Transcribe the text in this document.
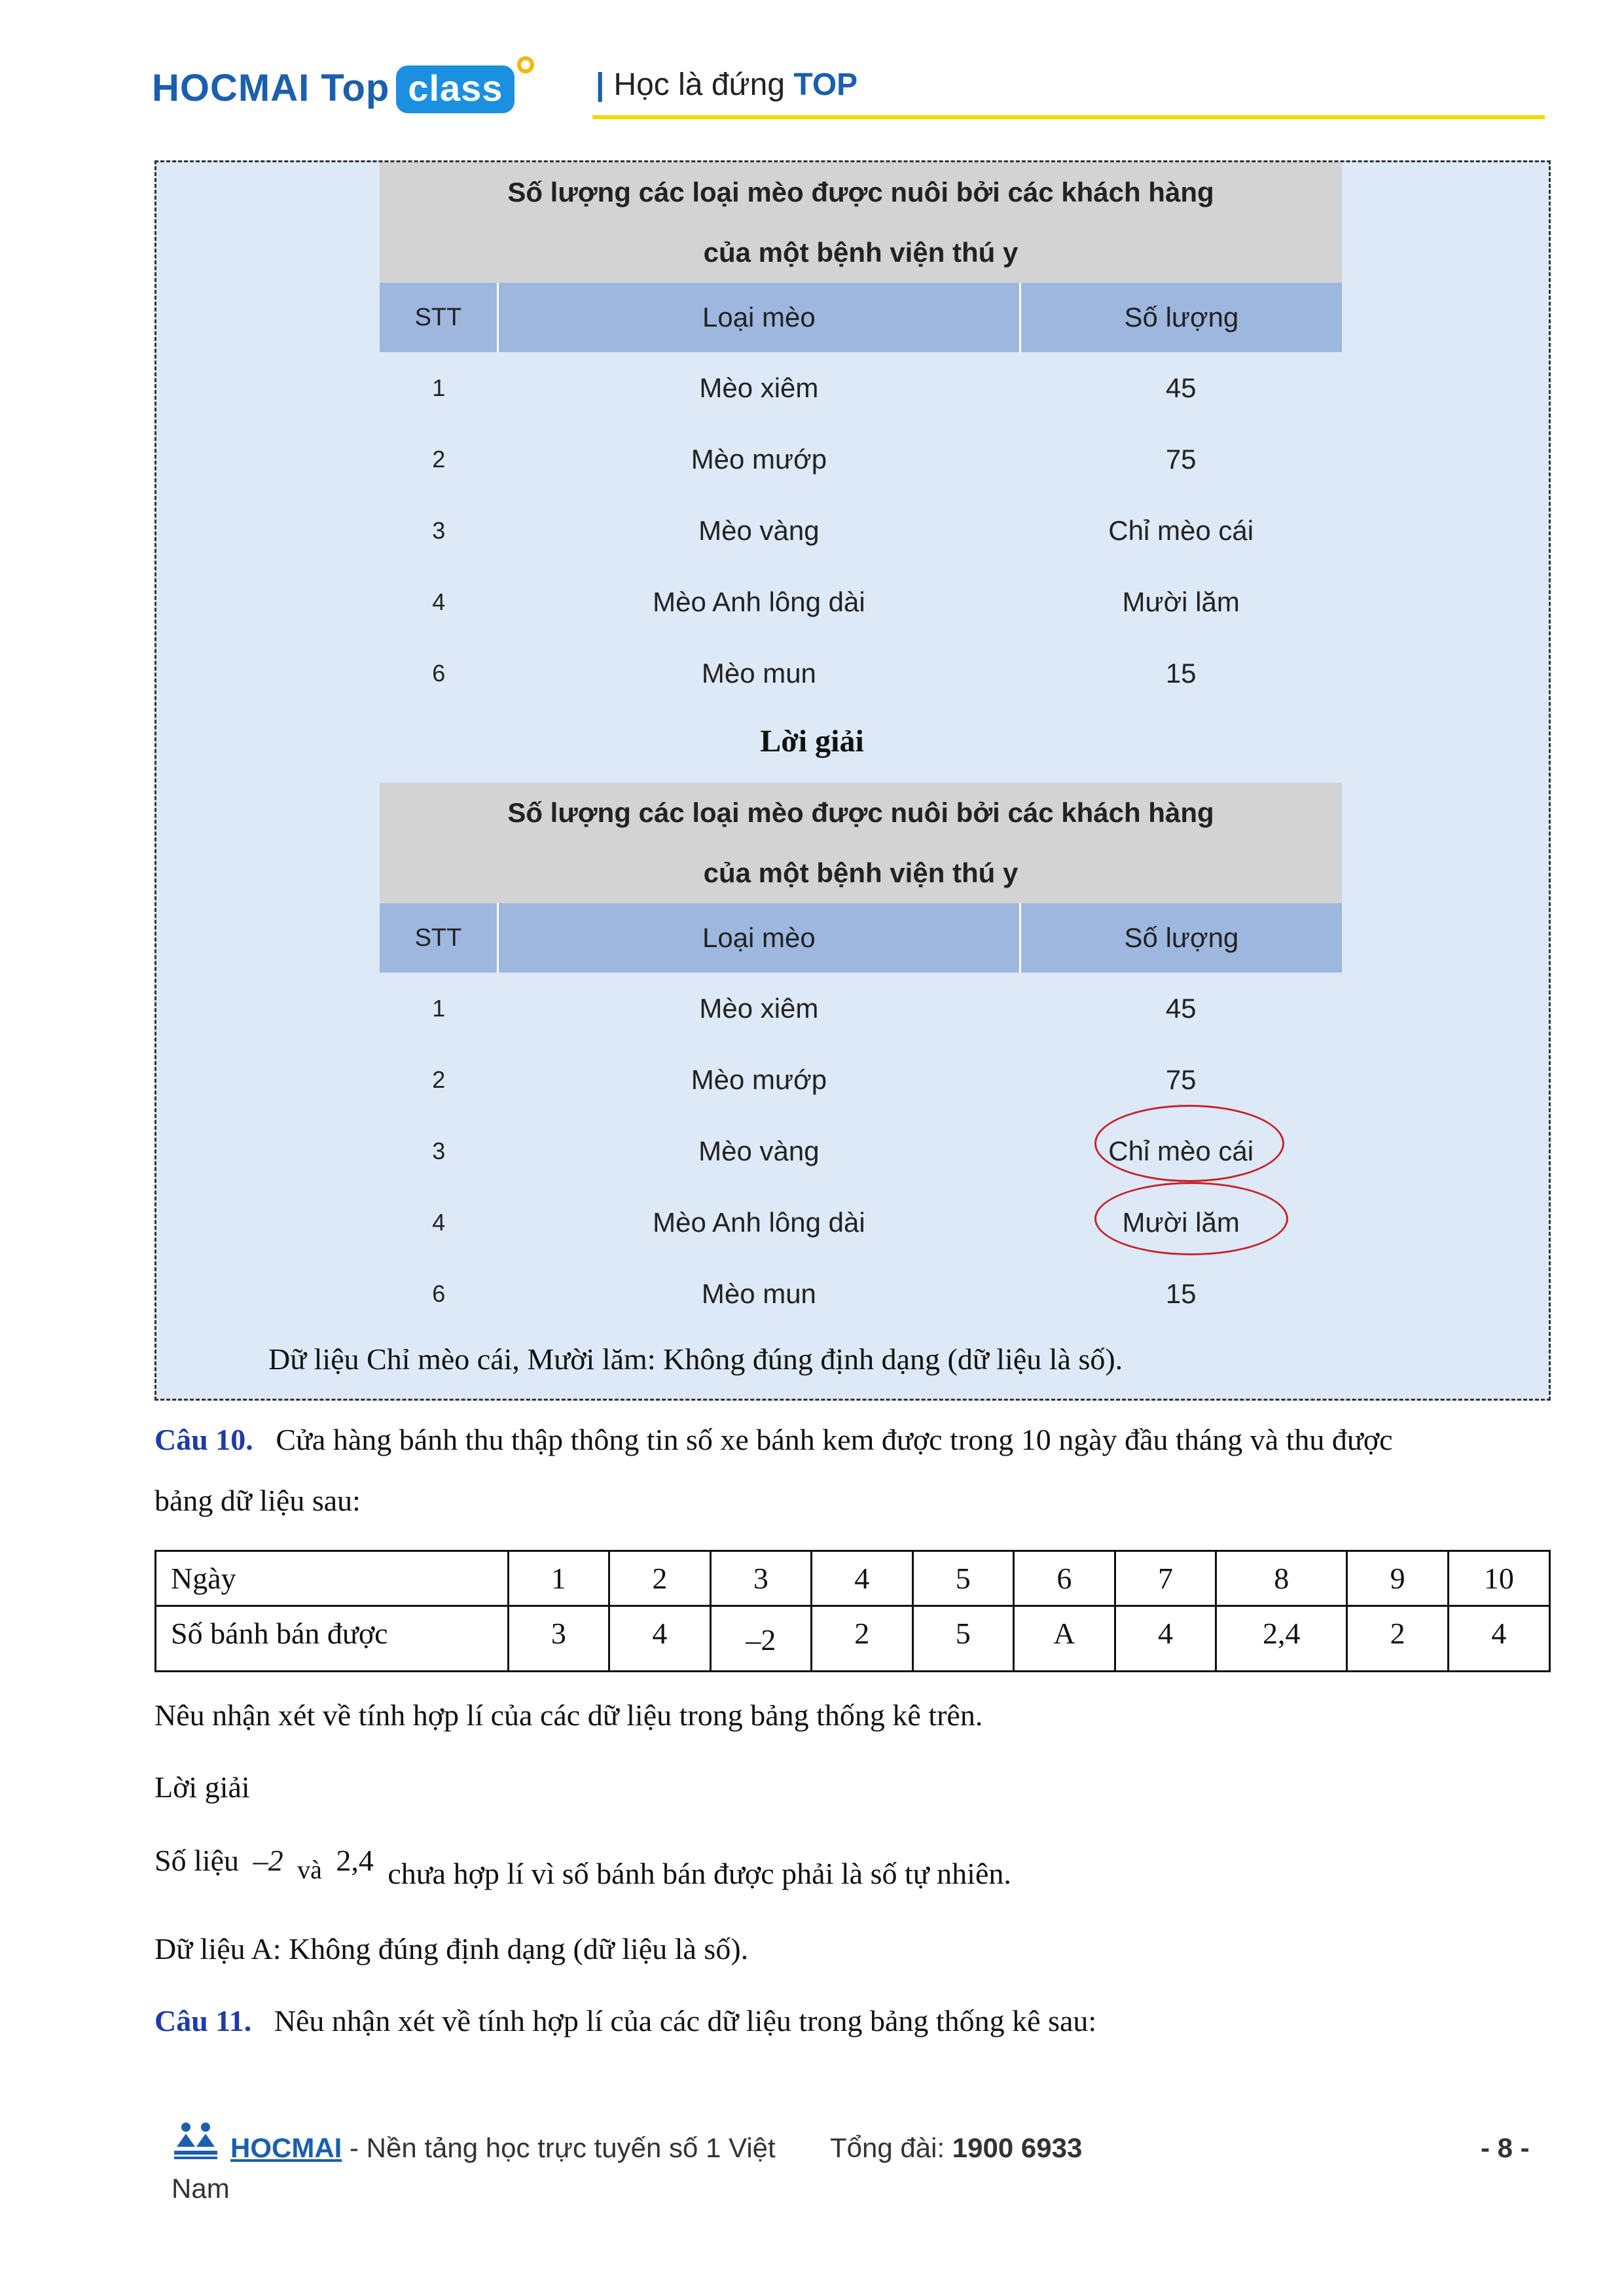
HOCMAI Top class	| Học là đứng TOP
Số lượng các loại mèo được nuôi bởi các khách hàng
của một bệnh viện thú y		
STT	Loại mèo	Số lượng
1	Mèo xiêm	45
2	Mèo mướp	75
3	Mèo vàng	Chỉ mèo cái
4	Mèo Anh lông dài	Mười lăm
6	Mèo mun	15
Lời giải
Số lượng các loại mèo được nuôi bởi các khách hàng
của một bệnh viện thú y		
STT	Loại mèo	Số lượng
1	Mèo xiêm	45
2	Mèo mướp	75
3	Mèo vàng	Chỉ mèo cái
4	Mèo Anh lông dài	Mười lăm
6	Mèo mun	15
Dữ liệu Chỉ mèo cái, Mười lăm: Không đúng định dạng (dữ liệu là số).
Câu 10. Cửa hàng bánh thu thập thông tin số xe bánh kem được trong 10 ngày đầu tháng và thu được
bảng dữ liệu sau:
Ngày	1	2	3	4	5	6	7	8	9	10
Số bánh bán được	3	4	–2	2	5	A	4	2,4	2	4
Nêu nhận xét về tính hợp lí của các dữ liệu trong bảng thống kê trên.
Lời giải
Số liệu –2 và 2,4 chưa hợp lí vì số bánh bán được phải là số tự nhiên.
Dữ liệu A: Không đúng định dạng (dữ liệu là số).
Câu 11. Nêu nhận xét về tính hợp lí của các dữ liệu trong bảng thống kê sau:
HOCMAI - Nền tảng học trực tuyến số 1 Việt Tổng đài: 1900 6933
Nam
- 8 -
